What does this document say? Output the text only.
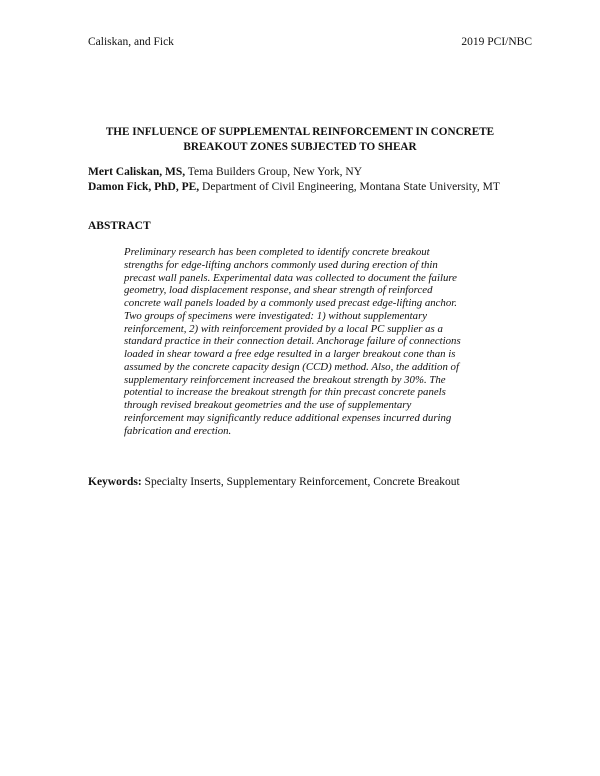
Caliskan, and Fick	2019 PCI/NBC
THE INFLUENCE OF SUPPLEMENTAL REINFORCEMENT IN CONCRETE
BREAKOUT ZONES SUBJECTED TO SHEAR
Mert Caliskan, MS, Tema Builders Group, New York, NY
Damon Fick, PhD, PE, Department of Civil Engineering, Montana State University, MT
ABSTRACT
Preliminary research has been completed to identify concrete breakout
strengths for edge-lifting anchors commonly used during erection of thin
precast wall panels. Experimental data was collected to document the failure
geometry, load displacement response, and shear strength of reinforced
concrete wall panels loaded by a commonly used precast edge-lifting anchor.
Two groups of specimens were investigated: 1) without supplementary
reinforcement, 2) with reinforcement provided by a local PC supplier as a
standard practice in their connection detail. Anchorage failure of connections
loaded in shear toward a free edge resulted in a larger breakout cone than is
assumed by the concrete capacity design (CCD) method. Also, the addition of
supplementary reinforcement increased the breakout strength by 30%. The
potential to increase the breakout strength for thin precast concrete panels
through revised breakout geometries and the use of supplementary
reinforcement may significantly reduce additional expenses incurred during
fabrication and erection.
Keywords: Specialty Inserts, Supplementary Reinforcement, Concrete Breakout
